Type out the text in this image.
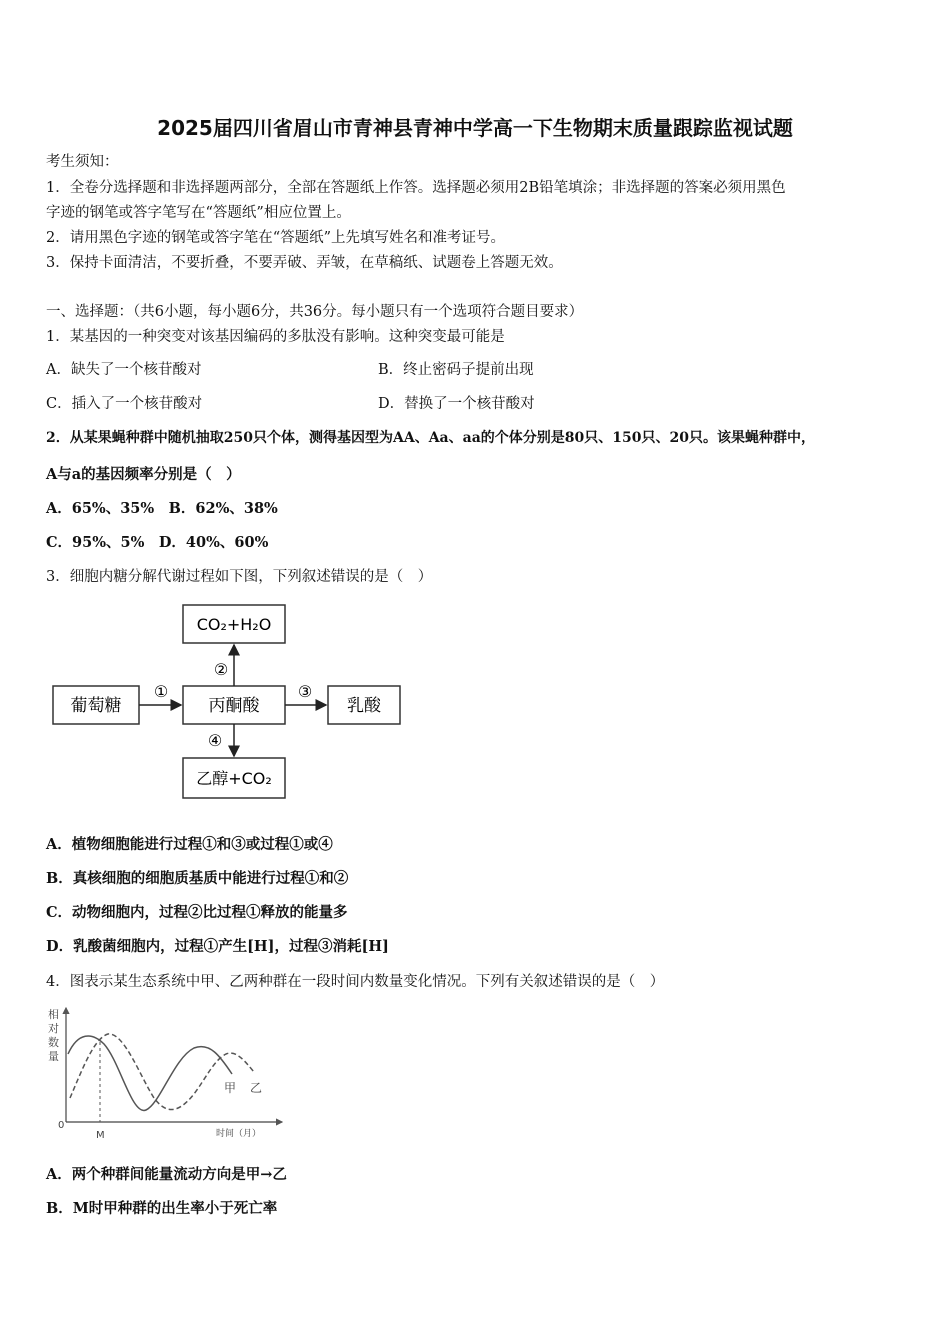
2025届四川省眉山市青神县青神中学高一下生物期末质量跟踪监视试题
考生须知：
1．全卷分选择题和非选择题两部分，全部在答题纸上作答。选择题必须用2B铅笔填涂；非选择题的答案必须用黑色
字迹的钢笔或答字笔写在“答题纸”相应位置上。
2．请用黑色字迹的钢笔或答字笔在“答题纸”上先填写姓名和准考证号。
3．保持卡面清洁，不要折叠，不要弄破、弄皱，在草稿纸、试题卷上答题无效。
一、选择题：（共6小题，每小题6分，共36分。每小题只有一个选项符合题目要求）
1．某基因的一种突变对该基因编码的多肽没有影响。这种突变最可能是
A．缺失了一个核苷酸对	B．终止密码子提前出现
C．插入了一个核苷酸对	D．替换了一个核苷酸对
2．从某果蝇种群中随机抽取250只个体，测得基因型为AA、Aa、aa的个体分别是80只、150只、20只。该果蝇种群中，
A与a的基因频率分别是（　）
A．65%、35%　B．62%、38%
C．95%、5%　D．40%、60%
3．细胞内糖分解代谢过程如下图，下列叙述错误的是（　）
葡萄糖	丙酮酸	乳酸
CO₂+H₂O
乙醇+CO₂
①
②
③
④
A．植物细胞能进行过程①和③或过程①或④
B．真核细胞的细胞质基质中能进行过程①和②
C．动物细胞内，过程②比过程①释放的能量多
D．乳酸菌细胞内，过程①产生[H]，过程③消耗[H]
4．图表示某生态系统中甲、乙两种群在一段时间内数量变化情况。下列有关叙述错误的是（　）
相
对
数
量
0
M	时间（月）
甲 乙
A．两个种群间能量流动方向是甲→乙
B．M时甲种群的出生率小于死亡率
